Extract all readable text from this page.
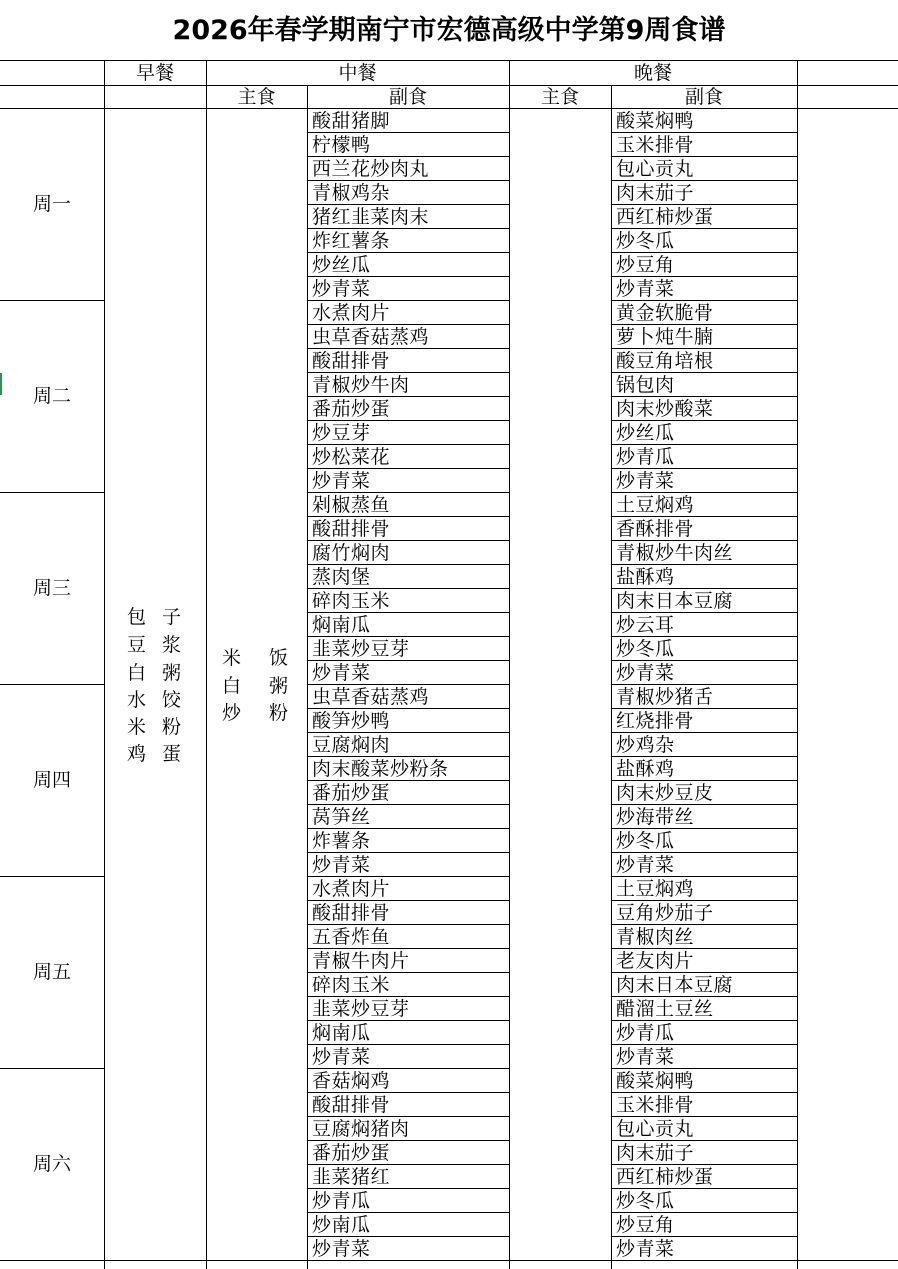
2026年春学期南宁市宏德高级中学第9周食谱
早餐	中餐	晚餐
主食	副食	主食	副食
包 子
豆 浆
白 粥
水 饺
米 粉
鸡 蛋
米 饭
白 粥
炒 粉
周一
酸甜猪脚	酸菜焖鸭
柠檬鸭	玉米排骨
西兰花炒肉丸	包心贡丸
青椒鸡杂	肉末茄子
猪红韭菜肉末	西红柿炒蛋
炸红薯条	炒冬瓜
炒丝瓜	炒豆角
炒青菜	炒青菜
周二
水煮肉片	黄金软脆骨
虫草香菇蒸鸡	萝卜炖牛腩
酸甜排骨	酸豆角培根
青椒炒牛肉	锅包肉
番茄炒蛋	肉末炒酸菜
炒豆芽	炒丝瓜
炒松菜花	炒青瓜
炒青菜	炒青菜
周三
剁椒蒸鱼	土豆焖鸡
酸甜排骨	香酥排骨
腐竹焖肉	青椒炒牛肉丝
蒸肉堡	盐酥鸡
碎肉玉米	肉末日本豆腐
焖南瓜	炒云耳
韭菜炒豆芽	炒冬瓜
炒青菜	炒青菜
周四
虫草香菇蒸鸡	青椒炒猪舌
酸笋炒鸭	红烧排骨
豆腐焖肉	炒鸡杂
肉末酸菜炒粉条	盐酥鸡
番茄炒蛋	肉末炒豆皮
莴笋丝	炒海带丝
炸薯条	炒冬瓜
炒青菜	炒青菜
周五
水煮肉片	土豆焖鸡
酸甜排骨	豆角炒茄子
五香炸鱼	青椒肉丝
青椒牛肉片	老友肉片
碎肉玉米	肉末日本豆腐
韭菜炒豆芽	醋溜土豆丝
焖南瓜	炒青瓜
炒青菜	炒青菜
周六
香菇焖鸡	酸菜焖鸭
酸甜排骨	玉米排骨
豆腐焖猪肉	包心贡丸
番茄炒蛋	肉末茄子
韭菜猪红	西红柿炒蛋
炒青瓜	炒冬瓜
炒南瓜	炒豆角
炒青菜	炒青菜
